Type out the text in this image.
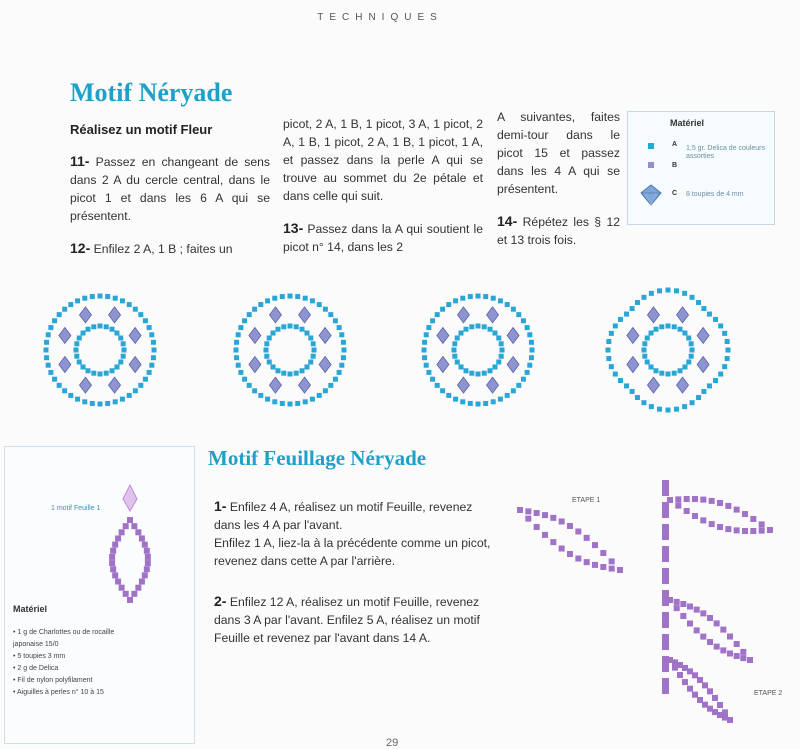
TECHNIQUES
Motif Néryade
Réalisez un motif Fleur

11- Passez en changeant de sens dans 2 A du cercle central, dans le picot 1 et dans les 6 A qui se présentent.

12- Enfilez 2 A, 1 B ; faites un

picot, 2 A, 1 B, 1 picot, 3 A, 1 picot, 2 A, 1 B, 1 picot, 2 A, 1 B, 1 picot, 1 A, et passez dans la perle A qui se trouve au sommet du 2e pétale et dans celle qui suit.

13- Passez dans la A qui soutient le picot n° 14, dans les 2

A suivantes, faites demi-tour dans le picot 15 et passez dans les 4 A qui se présentent.

14- Répétez les § 12 et 13 trois fois.

Matériel
A
1,5 gr. Delica de couleurs assorties
B
C 8 toupies de 4 mm
1 motif Feuille 1
Matériel
• 1 g de Charlottes ou de rocaille japonaise 15/0
• 5 toupies 3 mm
• 2 g de Delica
• Fil de nylon polyfilament
• Aiguilles à perles n° 10 à 15
Motif Feuillage Néryade

1- Enfilez 4 A, réalisez un motif Feuille, revenez dans les 4 A par l'avant.

Enfilez 1 A, liez-la à la précédente comme un picot, revenez dans cette A par l'arrière.

2- Enfilez 12 A, réalisez un motif Feuille, revenez dans 3 A par l'avant. Enfilez 5 A, réalisez un motif Feuille et revenez par l'avant dans 14 A.

ETAPE 1
ETAPE 2
29
